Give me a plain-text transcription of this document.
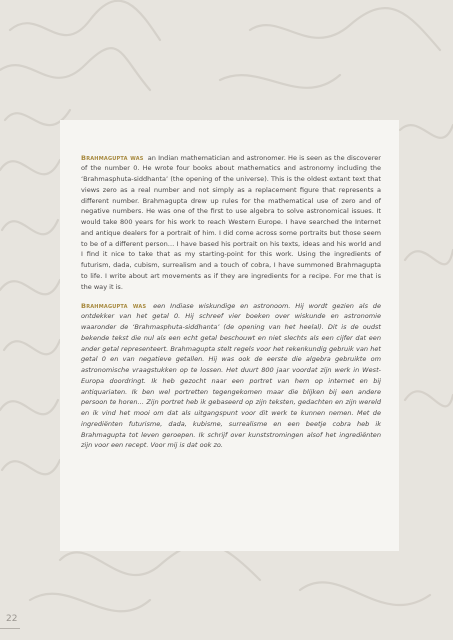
Brahmagupta was an Indian mathematician and astronomer. He is seen as the discoverer of the number 0. He wrote four books about mathematics and astronomy including the ‘Brahmasphuta-siddhanta’ (the opening of the universe). This is the oldest extant text that views zero as a real number and not simply as a replacement figure that represents a different number. Brahmagupta drew up rules for the mathematical use of zero and of negative numbers. He was one of the first to use algebra to solve astronomical issues. It would take 800 years for his work to reach Western Europe. I have searched the Internet and antique dealers for a portrait of him. I did come across some portraits but those seem to be of a different person… I have based his portrait on his texts, ideas and his world and I find it nice to take that as my starting-point for this work. Using the ingredients of futurism, dada, cubism, surrealism and a touch of cobra, I have summoned Brahmagupta to life. I write about art movements as if they are ingredients for a recipe. For me that is the way it is.

Brahmagupta was een Indiase wiskundige en astronoom. Hij wordt gezien als de ontdekker van het getal 0. Hij schreef vier boeken over wiskunde en astronomie waaronder de ‘Brahmasphuta-siddhanta’ (de opening van het heelal). Dit is de oudst bekende tekst die nul als een echt getal beschouwt en niet slechts als een cijfer dat een ander getal representeert. Brahmagupta stelt regels voor het rekenkundig gebruik van het getal 0 en van negatieve getallen. Hij was ook de eerste die algebra gebruikte om astronomische vraagstukken op te lossen. Het duurt 800 jaar voordat zijn werk in West-Europa doordringt. Ik heb gezocht naar een portret van hem op internet en bij antiquariaten. Ik ben wel portretten tegengekomen maar die blijken bij een andere persoon te horen… Zijn portret heb ik gebaseerd op zijn teksten, gedachten en zijn wereld en ik vind het mooi om dat als uitgangspunt voor dit werk te kunnen nemen. Met de ingrediënten futurisme, dada, kubisme, surrealisme en een beetje cobra heb ik Brahmagupta tot leven geroepen. Ik schrijf over kunststromingen alsof het ingrediënten zijn voor een recept. Voor mij is dat ook zo.

22
